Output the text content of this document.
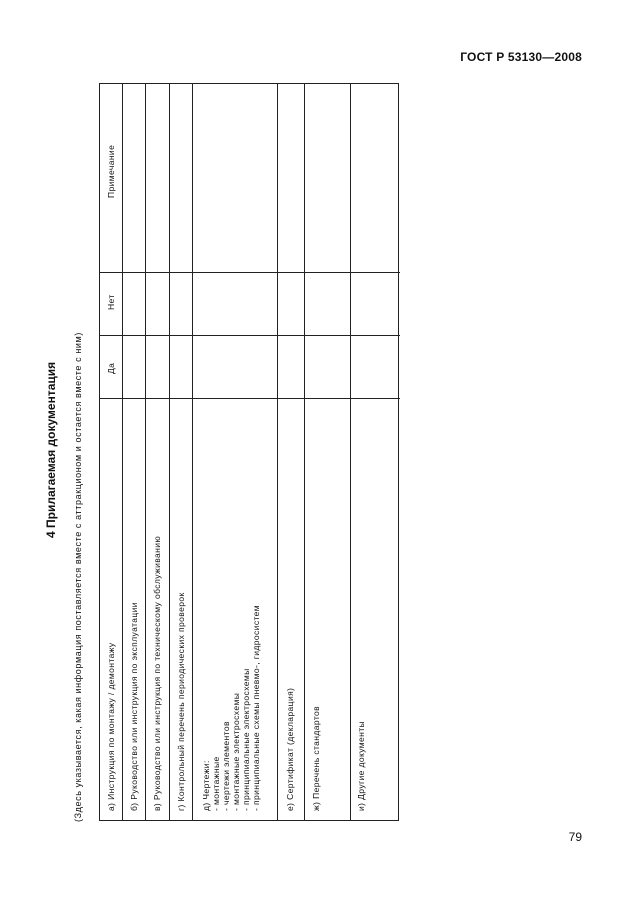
ГОСТ Р 53130—2008
4 Прилагаемая документация (Здесь указывается, какая информация поставляется вместе с аттракционом и остается вместе с ним)
Примечание
Нет
Да
а) Инструкция по монтажу / демонтажу б) Руководство или инструкция по эксплуатации в) Руководство или инструкция по техническому обслуживанию г) Контрольный перечень периодических проверок д) Чертежи: - монтажные - чертежи элементов - монтажные электросхемы - принципиальные электросхемы - принципиальные схемы пневмо-, гидросистем	е) Сертификат (декларация) ж) Перечень стандартов	и) Другие документы
79
